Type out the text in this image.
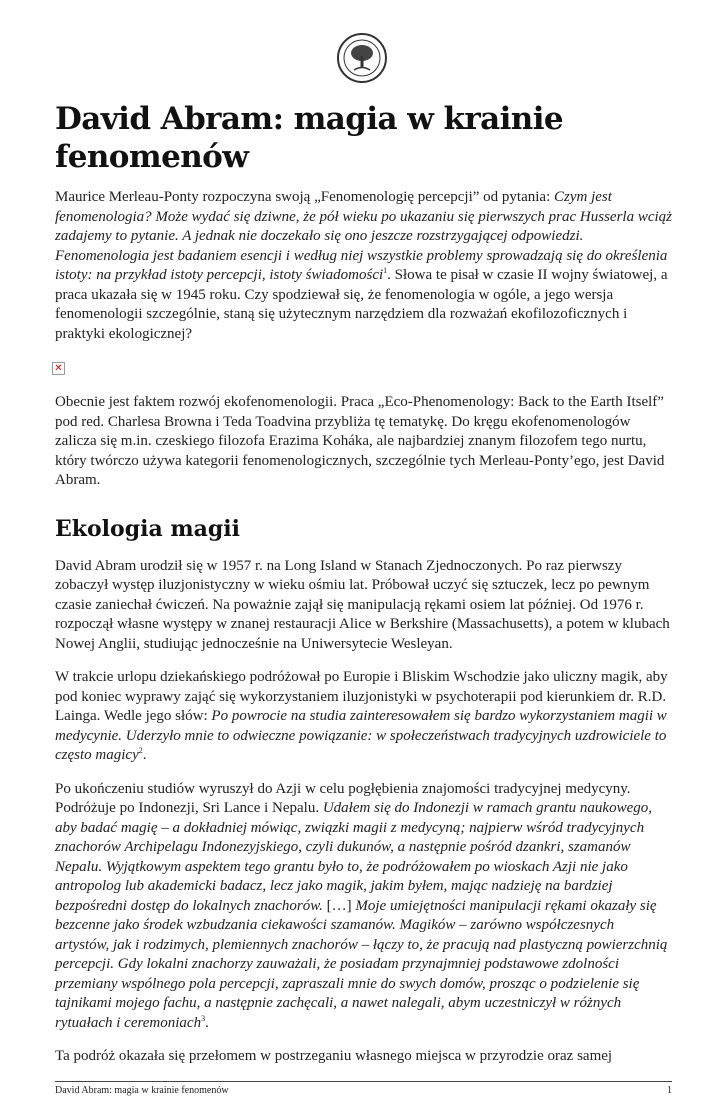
David Abram: magia w krainie fenomenów

Maurice Merleau-Ponty rozpoczyna swoją „Fenomenologię percepcji” od pytania: Czym jest fenomenologia? Może wydać się dziwne, że pół wieku po ukazaniu się pierwszych prac Husserla wciąż zadajemy to pytanie. A jednak nie doczekało się ono jeszcze rozstrzygającej odpowiedzi. Fenomenologia jest badaniem esencji i według niej wszystkie problemy sprowadzają się do określenia istoty: na przykład istoty percepcji, istoty świadomości$^1$. Słowa te pisał w czasie II wojny światowej, a praca ukazała się w 1945 roku. Czy spodziewał się, że fenomenologia w ogóle, a jego wersja fenomenologii szczególnie, staną się użytecznym narzędziem dla rozważań ekofilozoficznych i praktyki ekologicznej?

✕

Obecnie jest faktem rozwój ekofenomenologii. Praca „Eco-Phenomenology: Back to the Earth Itself” pod red. Charlesa Browna i Teda Toadvina przybliża tę tematykę. Do kręgu ekofenomenologów zalicza się m.in. czeskiego filozofa Erazima Koháka, ale najbardziej znanym filozofem tego nurtu, który twórczo używa kategorii fenomenologicznych, szczególnie tych Merleau-Ponty’ego, jest David Abram.

Ekologia magii

David Abram urodził się w 1957 r. na Long Island w Stanach Zjednoczonych. Po raz pierwszy zobaczył występ iluzjonistyczny w wieku ośmiu lat. Próbował uczyć się sztuczek, lecz po pewnym czasie zaniechał ćwiczeń. Na poważnie zajął się manipulacją rękami osiem lat później. Od 1976 r. rozpoczął własne występy w znanej restauracji Alice w Berkshire (Massachusetts), a potem w klubach Nowej Anglii, studiując jednocześnie na Uniwersytecie Wesleyan.

W trakcie urlopu dziekańskiego podróżował po Europie i Bliskim Wschodzie jako uliczny magik, aby pod koniec wyprawy zająć się wykorzystaniem iluzjonistyki w psychoterapii pod kierunkiem dr. R.D. Lainga. Wedle jego słów: Po powrocie na studia zainteresowałem się bardzo wykorzystaniem magii w medycynie. Uderzyło mnie to odwieczne powiązanie: w społeczeństwach tradycyjnych uzdrowiciele to często magicy$^2$.

Po ukończeniu studiów wyruszył do Azji w celu pogłębienia znajomości tradycyjnej medycyny. Podróżuje po Indonezji, Sri Lance i Nepalu. Udałem się do Indonezji w ramach grantu naukowego, aby badać magię – a dokładniej mówiąc, związki magii z medycyną; najpierw wśród tradycyjnych znachorów Archipelagu Indonezyjskiego, czyli dukunów, a następnie pośród dzankri, szamanów Nepalu. Wyjątkowym aspektem tego grantu było to, że podróżowałem po wioskach Azji nie jako antropolog lub akademicki badacz, lecz jako magik, jakim byłem, mając nadzieję na bardziej bezpośredni dostęp do lokalnych znachorów. […] Moje umiejętności manipulacji rękami okazały się bezcenne jako środek wzbudzania ciekawości szamanów. Magików – zarówno współczesnych artystów, jak i rodzimych, plemiennych znachorów – łączy to, że pracują nad plastyczną powierzchnią percepcji. Gdy lokalni znachorzy zauważali, że posiadam przynajmniej podstawowe zdolności przemiany wspólnego pola percepcji, zapraszali mnie do swych domów, prosząc o podzielenie się tajnikami mojego fachu, a następnie zachęcali, a nawet nalegali, abym uczestniczył w różnych rytuałach i ceremoniach$^3$.

Ta podróż okazała się przełomem w postrzeganiu własnego miejsca w przyrodzie oraz samej

David Abram: magia w krainie fenomenów	1
